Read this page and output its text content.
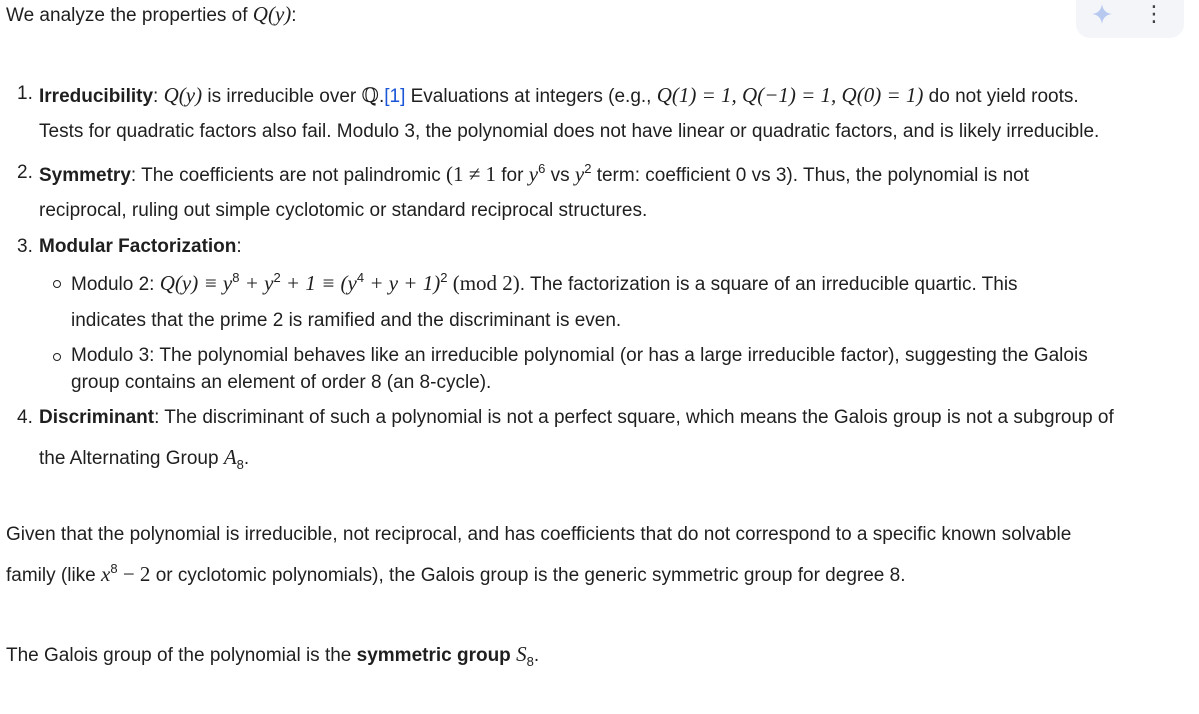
⋮
We analyze the properties of Q(y):
1. Irreducibility: Q(y) is irreducible over ℚ.[1] Evaluations at integers (e.g., Q(1) = 1, Q(−1) = 1, Q(0) = 1) do not yield roots.
Tests for quadratic factors also fail. Modulo 3, the polynomial does not have linear or quadratic factors, and is likely irreducible.
2. Symmetry: The coefficients are not palindromic (1 ≠ 1 for $y^6$ vs $y^2$ term: coefficient 0 vs 3). Thus, the polynomial is not
reciprocal, ruling out simple cyclotomic or standard reciprocal structures.
3. Modular Factorization:
Modulo 2: $Q(y) \equiv y^8 + y^2 + 1 \equiv (y^4 + y + 1)^2$ (mod 2). The factorization is a square of an irreducible quartic. This
indicates that the prime 2 is ramified and the discriminant is even.
Modulo 3: The polynomial behaves like an irreducible polynomial (or has a large irreducible factor), suggesting the Galois
group contains an element of order 8 (an 8-cycle).
4. Discriminant: The discriminant of such a polynomial is not a perfect square, which means the Galois group is not a subgroup of
the Alternating Group $A_8$.
Given that the polynomial is irreducible, not reciprocal, and has coefficients that do not correspond to a specific known solvable
family (like $x^8 - 2$ or cyclotomic polynomials), the Galois group is the generic symmetric group for degree 8.
The Galois group of the polynomial is the symmetric group $S_8$.
